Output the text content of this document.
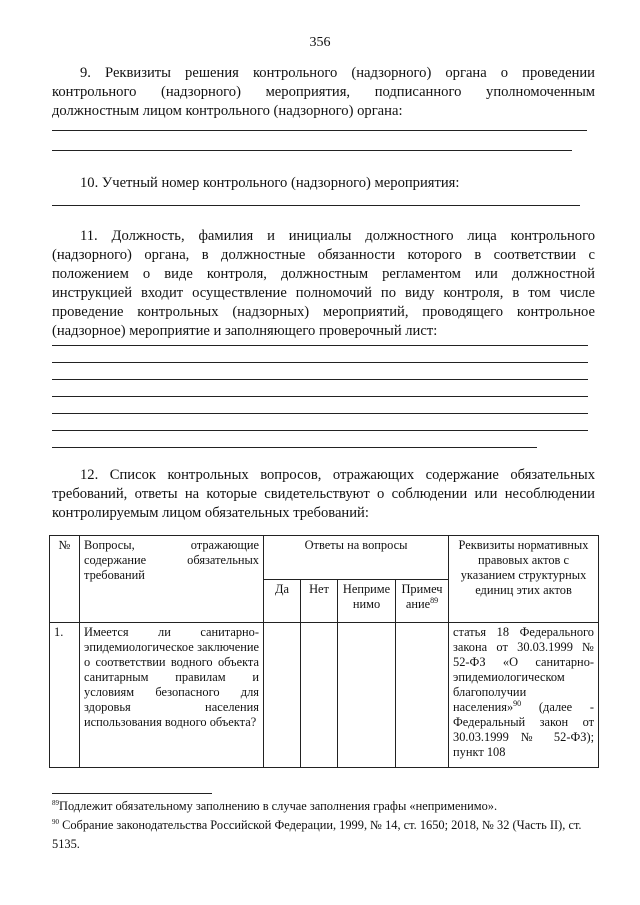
356

9. Реквизиты решения контрольного (надзорного) органа о проведении контрольного (надзорного) мероприятия, подписанного уполномоченным должностным лицом контрольного (надзорного) органа:

10. Учетный номер контрольного (надзорного) мероприятия:

11. Должность, фамилия и инициалы должностного лица контрольного (надзорного) органа, в должностные обязанности которого в соответствии с положением о виде контроля, должностным регламентом или должностной инструкцией входит осуществление полномочий по виду контроля, в том числе проведение контрольных (надзорных) мероприятий, проводящего контрольное (надзорное) мероприятие и заполняющего проверочный лист:

12. Список контрольных вопросов, отражающих содержание обязательных требований, ответы на которые свидетельствуют о соблюдении или несоблюдении контролируемым лицом обязательных требований:

№	Вопросы, отражающие содержание обязательных требований	Ответы на вопросы				Реквизиты нормативных правовых актов с указанием структурных единиц этих актов
		Да	Нет	Неприменимо	Примечание$^{89}$
1.	Имеется ли санитарно-эпидемиологическое заключение о соответствии водного объекта санитарным правилам и условиям безопасного для здоровья населения использования водного объекта?					статья 18 Федерального закона от 30.03.1999 № 52-ФЗ «О санитарно-эпидемиологическом благополучии населения»$^{90}$ (далее - Федеральный закон от 30.03.1999 № 52-ФЗ); пункт 108
$^{89}$Подлежит обязательному заполнению в случае заполнения графы «неприменимо».
$^{90}$ Собрание законодательства Российской Федерации, 1999, № 14, ст. 1650; 2018, № 32 (Часть II), ст. 5135.
